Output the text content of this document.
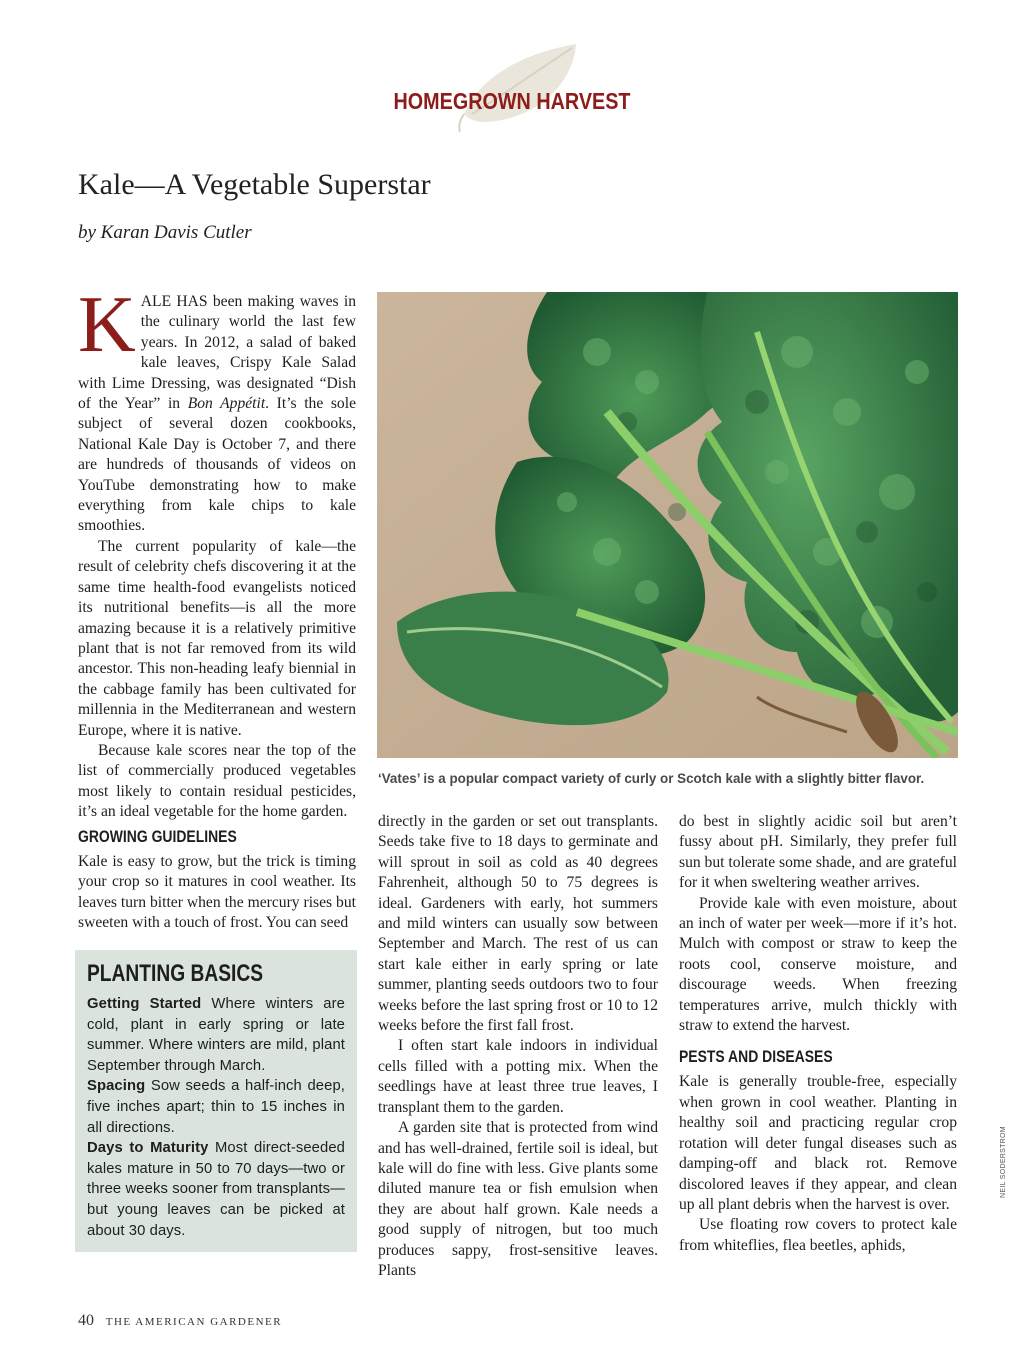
HOMEGROWN HARVEST
Kale—A Vegetable Superstar
by Karan Davis Cutler

KALE HAS been making waves in the culinary world the last few years. In 2012, a salad of baked kale leaves, Crispy Kale Salad with Lime Dressing, was designated “Dish of the Year” in Bon Appétit. It’s the sole subject of several dozen cookbooks, National Kale Day is October 7, and there are hundreds of thousands of videos on YouTube demonstrating how to make everything from kale chips to kale smoothies.

The current popularity of kale—the result of celebrity chefs discovering it at the same time health-food evangelists noticed its nutritional benefits—is all the more amazing because it is a relatively primitive plant that is not far removed from its wild ancestor. This non-heading leafy biennial in the cabbage family has been cultivated for millennia in the Mediterranean and western Europe, where it is native.

Because kale scores near the top of the list of commercially produced vegetables most likely to contain residual pesticides, it’s an ideal vegetable for the home garden.

GROWING GUIDELINES

Kale is easy to grow, but the trick is timing your crop so it matures in cool weather. Its leaves turn bitter when the mercury rises but sweeten with a touch of frost. You can seed

‘Vates’ is a popular compact variety of curly or Scotch kale with a slightly bitter flavor.
PLANTING BASICS

Getting Started Where winters are cold, plant in early spring or late summer. Where winters are mild, plant September through March.

Spacing Sow seeds a half-inch deep, five inches apart; thin to 15 inches in all directions.

Days to Maturity Most direct-seeded kales mature in 50 to 70 days—two or three weeks sooner from transplants—but young leaves can be picked at about 30 days.

directly in the garden or set out transplants. Seeds take five to 18 days to germinate and will sprout in soil as cold as 40 degrees Fahrenheit, although 50 to 75 degrees is ideal. Gardeners with early, hot summers and mild winters can usually sow between September and March. The rest of us can start kale either in early spring or late summer, planting seeds outdoors two to four weeks before the last spring frost or 10 to 12 weeks before the first fall frost.

I often start kale indoors in individual cells filled with a potting mix. When the seedlings have at least three true leaves, I transplant them to the garden.

A garden site that is protected from wind and has well-drained, fertile soil is ideal, but kale will do fine with less. Give plants some diluted manure tea or fish emulsion when they are about half grown. Kale needs a good supply of nitrogen, but too much produces sappy, frost-sensitive leaves. Plants

do best in slightly acidic soil but aren’t fussy about pH. Similarly, they prefer full sun but tolerate some shade, and are grateful for it when sweltering weather arrives.

Provide kale with even moisture, about an inch of water per week—more if it’s hot. Mulch with compost or straw to keep the roots cool, conserve moisture, and discourage weeds. When freezing temperatures arrive, mulch thickly with straw to extend the harvest.

PESTS AND DISEASES

Kale is generally trouble-free, especially when grown in cool weather. Planting in healthy soil and practicing regular crop rotation will deter fungal diseases such as damping-off and black rot. Remove discolored leaves if they appear, and clean up all plant debris when the harvest is over.

Use floating row covers to protect kale from whiteflies, flea beetles, aphids,

NEIL SODERSTROM
40 THE AMERICAN GARDENER
